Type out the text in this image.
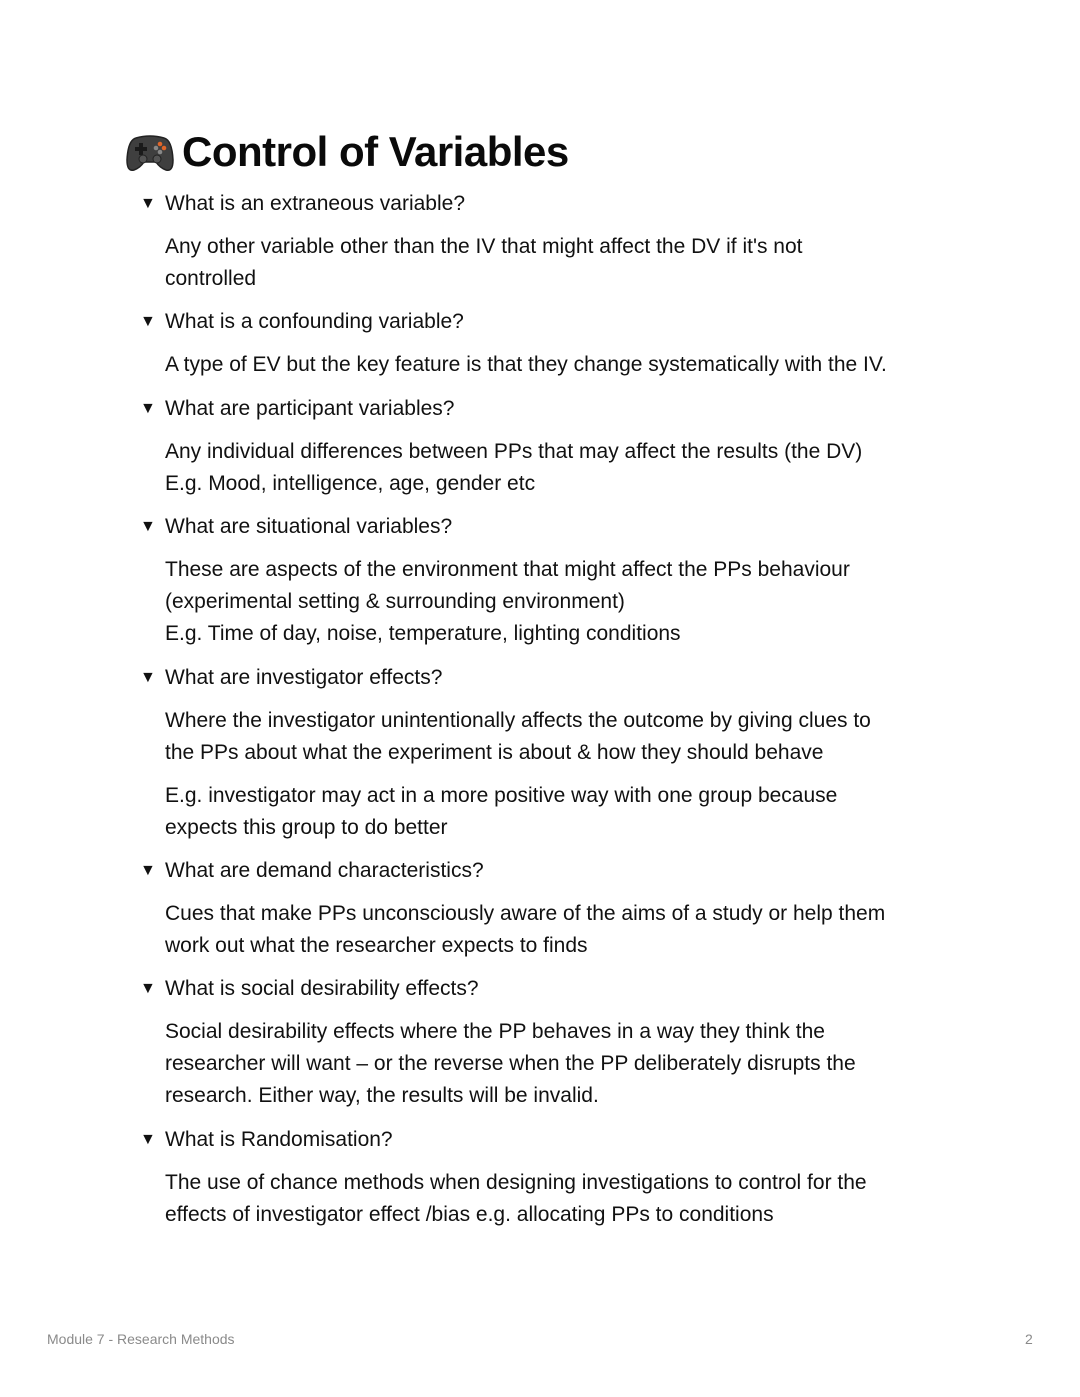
Control of Variables
▼ What is an extraneous variable?
Any other variable other than the IV that might affect the DV if it's not
controlled
▼ What is a confounding variable?
A type of EV but the key feature is that they change systematically with the IV.
▼ What are participant variables?
Any individual differences between PPs that may affect the results (the DV)
E.g. Mood, intelligence, age, gender etc
▼ What are situational variables?
These are aspects of the environment that might affect the PPs behaviour
(experimental setting & surrounding environment)
E.g. Time of day, noise, temperature, lighting conditions
▼ What are investigator effects?
Where the investigator unintentionally affects the outcome by giving clues to
the PPs about what the experiment is about & how they should behave
E.g. investigator may act in a more positive way with one group because
expects this group to do better
▼ What are demand characteristics?
Cues that make PPs unconsciously aware of the aims of a study or help them
work out what the researcher expects to finds
▼ What is social desirability effects?
Social desirability effects where the PP behaves in a way they think the
researcher will want – or the reverse when the PP deliberately disrupts the
research. Either way, the results will be invalid.
▼ What is Randomisation?
The use of chance methods when designing investigations to control for the
effects of investigator effect /bias e.g. allocating PPs to conditions
Module 7 - Research Methods	2
